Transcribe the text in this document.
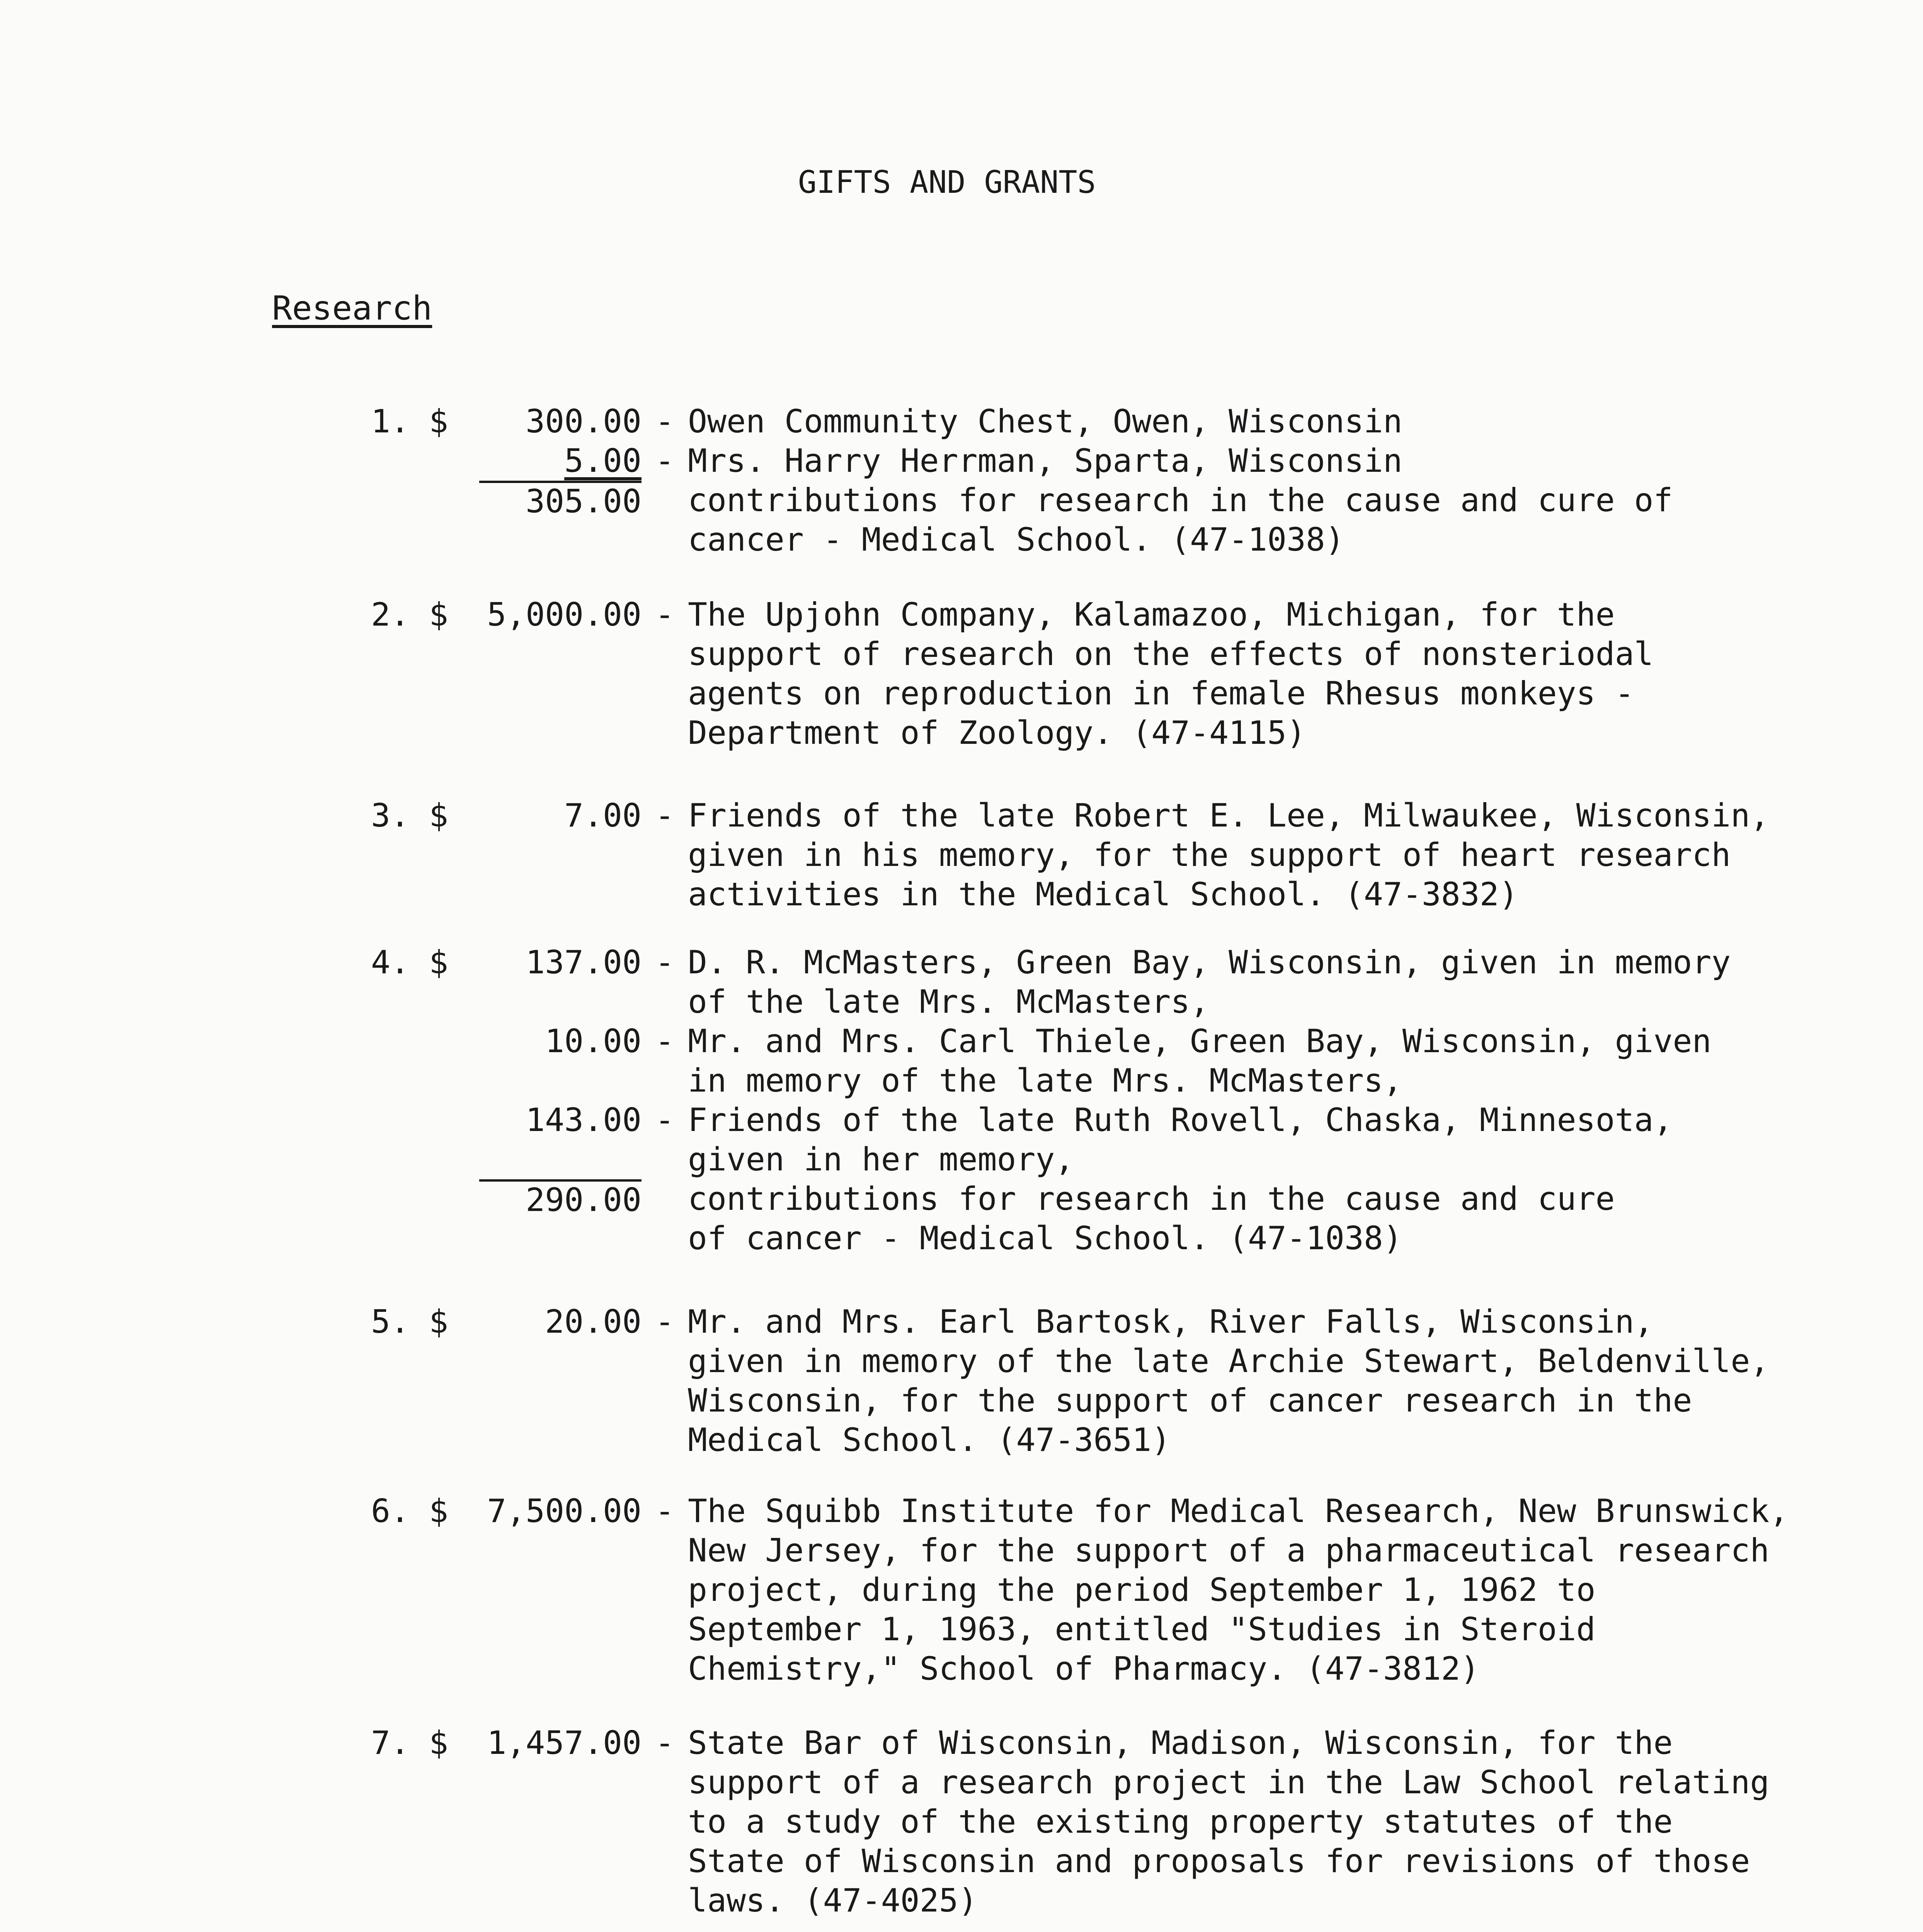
GIFTS AND GRANTS
Research
1. $	300.00 - Owen Community Chest, Owen, Wisconsin
5.00 - Mrs. Harry Herrman, Sparta, Wisconsin
305.00 contributions for research in the cause and cure of
cancer - Medical School. (47-1038)
2. $	5,000.00 - The Upjohn Company, Kalamazoo, Michigan, for the
support of research on the effects of nonsteriodal
agents on reproduction in female Rhesus monkeys -
Department of Zoology. (47-4115)
3. $	7.00 - Friends of the late Robert E. Lee, Milwaukee, Wisconsin,
given in his memory, for the support of heart research
activities in the Medical School. (47-3832)
4. $	137.00 - D. R. McMasters, Green Bay, Wisconsin, given in memory
of the late Mrs. McMasters,
10.00 - Mr. and Mrs. Carl Thiele, Green Bay, Wisconsin, given
in memory of the late Mrs. McMasters,
143.00 - Friends of the late Ruth Rovell, Chaska, Minnesota,
given in her memory,
290.00 contributions for research in the cause and cure
of cancer - Medical School. (47-1038)
5. $	20.00 - Mr. and Mrs. Earl Bartosk, River Falls, Wisconsin,
given in memory of the late Archie Stewart, Beldenville,
Wisconsin, for the support of cancer research in the
Medical School. (47-3651)
6. $	7,500.00 - The Squibb Institute for Medical Research, New Brunswick,
New Jersey, for the support of a pharmaceutical research
project, during the period September 1, 1962 to
September 1, 1963, entitled "Studies in Steroid
Chemistry," School of Pharmacy. (47-3812)
7. $	1,457.00 - State Bar of Wisconsin, Madison, Wisconsin, for the
support of a research project in the Law School relating
to a study of the existing property statutes of the
State of Wisconsin and proposals for revisions of those
laws. (47-4025)
